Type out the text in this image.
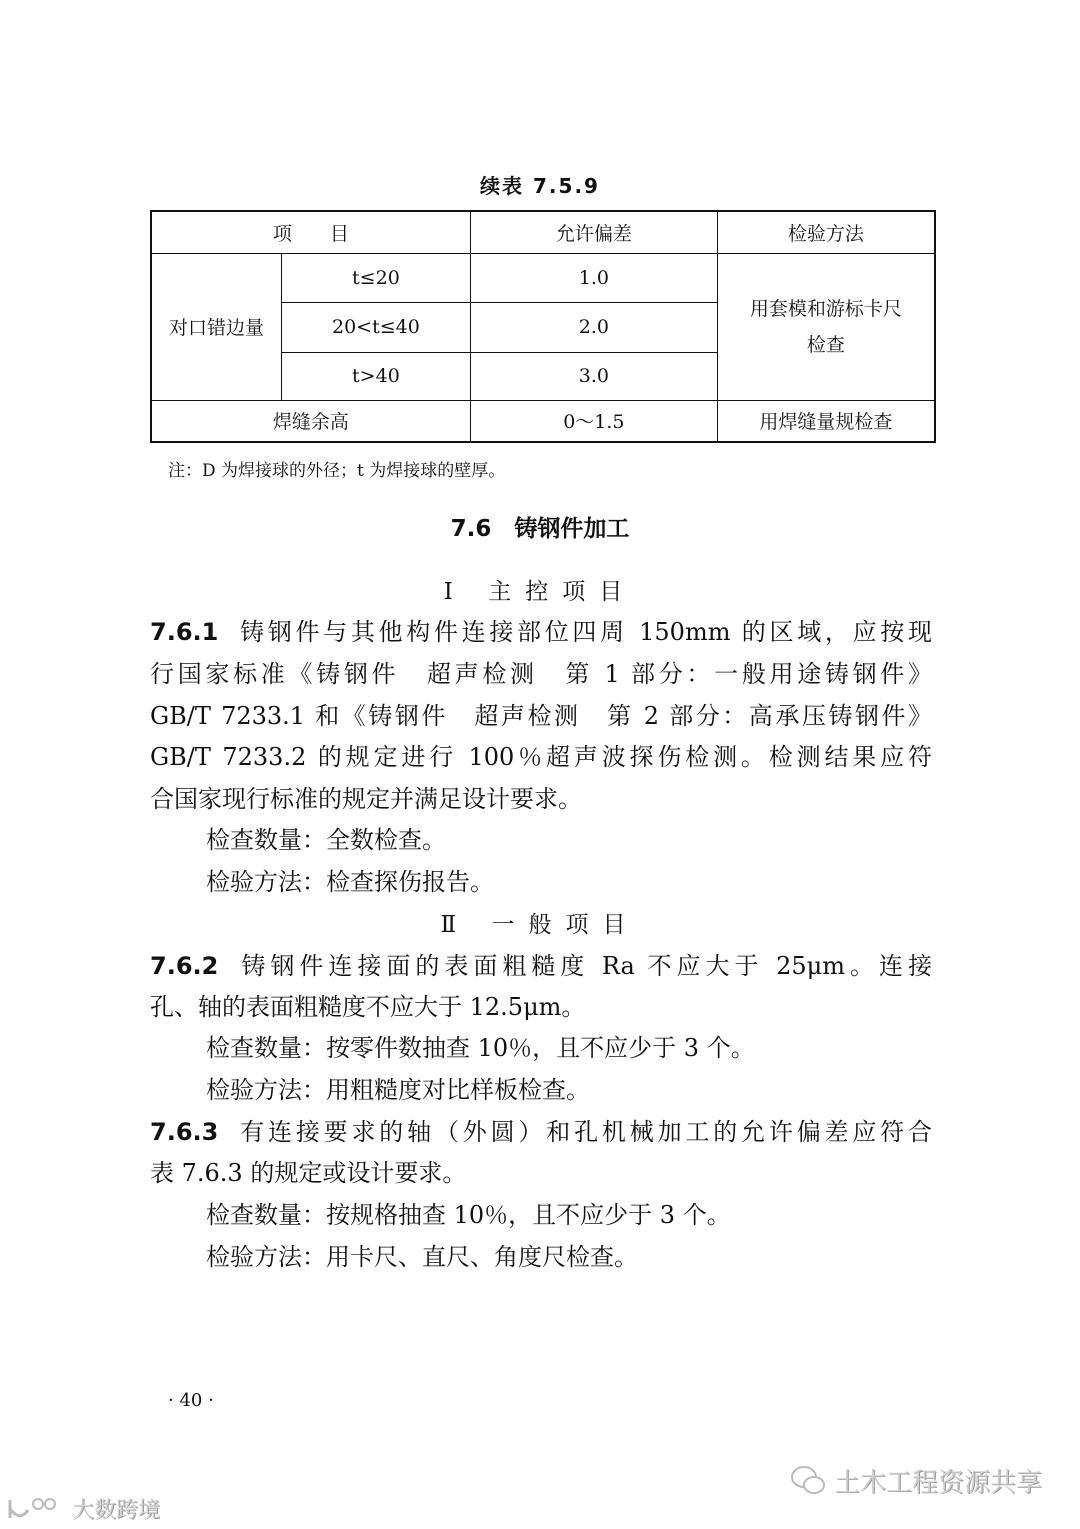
续表 7.5.9
项　　目		允许偏差	检验方法
对口错边量	t≤20	1.0	用套模和游标卡尺检查
	20<t≤40	2.0	
	t>40	3.0	
焊缝余高		0～1.5	用焊缝量规检查
注：D 为焊接球的外径；t 为焊接球的壁厚。
7.6　铸钢件加工
Ⅰ 主控项目
7.6.1 铸钢件与其他构件连接部位四周 150mm 的区域，应按现
行国家标准《铸钢件　超声检测　第 1 部分：一般用途铸钢件》
GB/T 7233.1 和《铸钢件　超声检测　第 2 部分：高承压铸钢件》
GB/T 7233.2 的规定进行 100％超声波探伤检测。检测结果应符
合国家现行标准的规定并满足设计要求。
检查数量：全数检查。
检验方法：检查探伤报告。
Ⅱ 一般项目
7.6.2 铸钢件连接面的表面粗糙度 Ra 不应大于 25μm。连接
孔、轴的表面粗糙度不应大于 12.5μm。
检查数量：按零件数抽查 10％，且不应少于 3 个。
检验方法：用粗糙度对比样板检查。
7.6.3 有连接要求的轴（外圆）和孔机械加工的允许偏差应符合
表 7.6.3 的规定或设计要求。
检查数量：按规格抽查 10％，且不应少于 3 个。
检验方法：用卡尺、直尺、角度尺检查。
· 40 ·
土木工程资源共享
大数跨境
